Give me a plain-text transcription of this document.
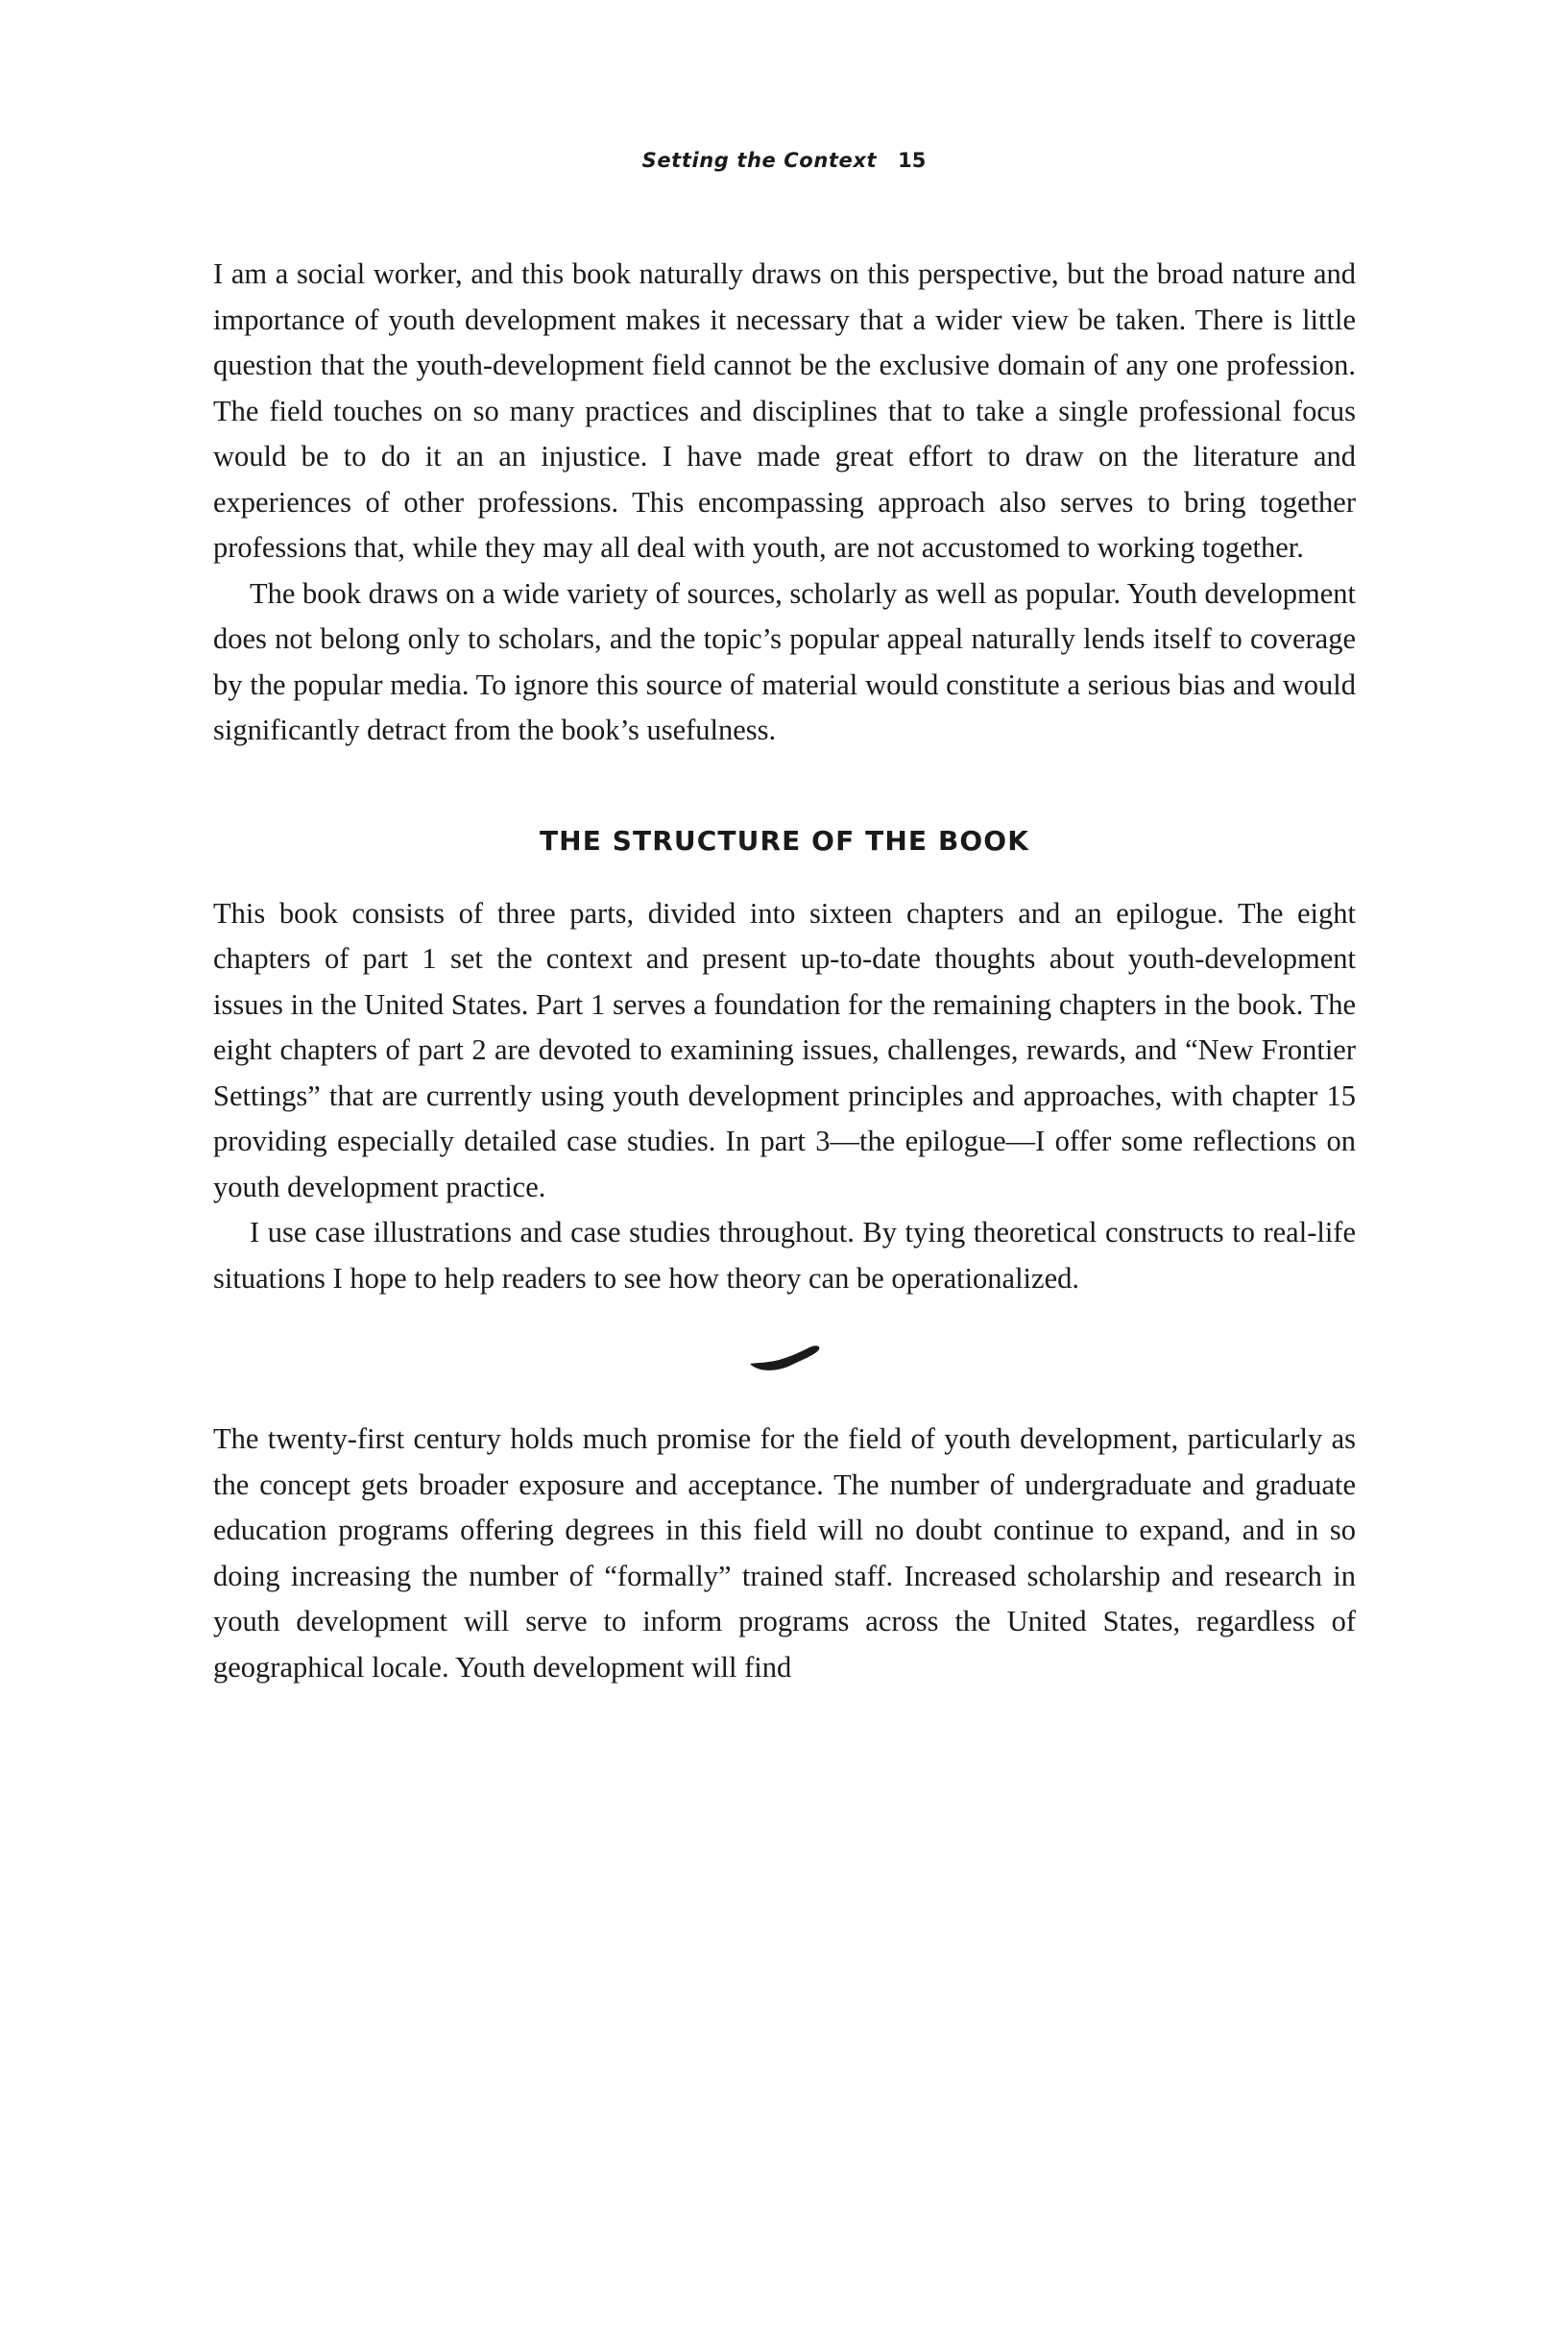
Setting the Context 15

I am a social worker, and this book naturally draws on this perspective, but the broad nature and importance of youth development makes it necessary that a wider view be taken. There is little question that the youth-development field cannot be the exclusive domain of any one profession. The field touches on so many practices and disciplines that to take a single professional focus would be to do it an an injustice. I have made great effort to draw on the literature and experiences of other professions. This encompassing approach also serves to bring together professions that, while they may all deal with youth, are not accustomed to working together.

The book draws on a wide variety of sources, scholarly as well as popular. Youth development does not belong only to scholars, and the topic’s popular appeal naturally lends itself to coverage by the popular media. To ignore this source of material would constitute a serious bias and would significantly detract from the book’s usefulness.

THE STRUCTURE OF THE BOOK

This book consists of three parts, divided into sixteen chapters and an epilogue. The eight chapters of part 1 set the context and present up-to-date thoughts about youth-development issues in the United States. Part 1 serves a foundation for the remaining chapters in the book. The eight chapters of part 2 are devoted to examining issues, challenges, rewards, and “New Frontier Settings” that are currently using youth development principles and approaches, with chapter 15 providing especially detailed case studies. In part 3—the epilogue—I offer some reflections on youth development practice.

I use case illustrations and case studies throughout. By tying theoretical constructs to real-life situations I hope to help readers to see how theory can be operationalized.

The twenty-first century holds much promise for the field of youth development, particularly as the concept gets broader exposure and acceptance. The number of undergraduate and graduate education programs offering degrees in this field will no doubt continue to expand, and in so doing increasing the number of “formally” trained staff. Increased scholarship and research in youth development will serve to inform programs across the United States, regardless of geographical locale. Youth development will find
